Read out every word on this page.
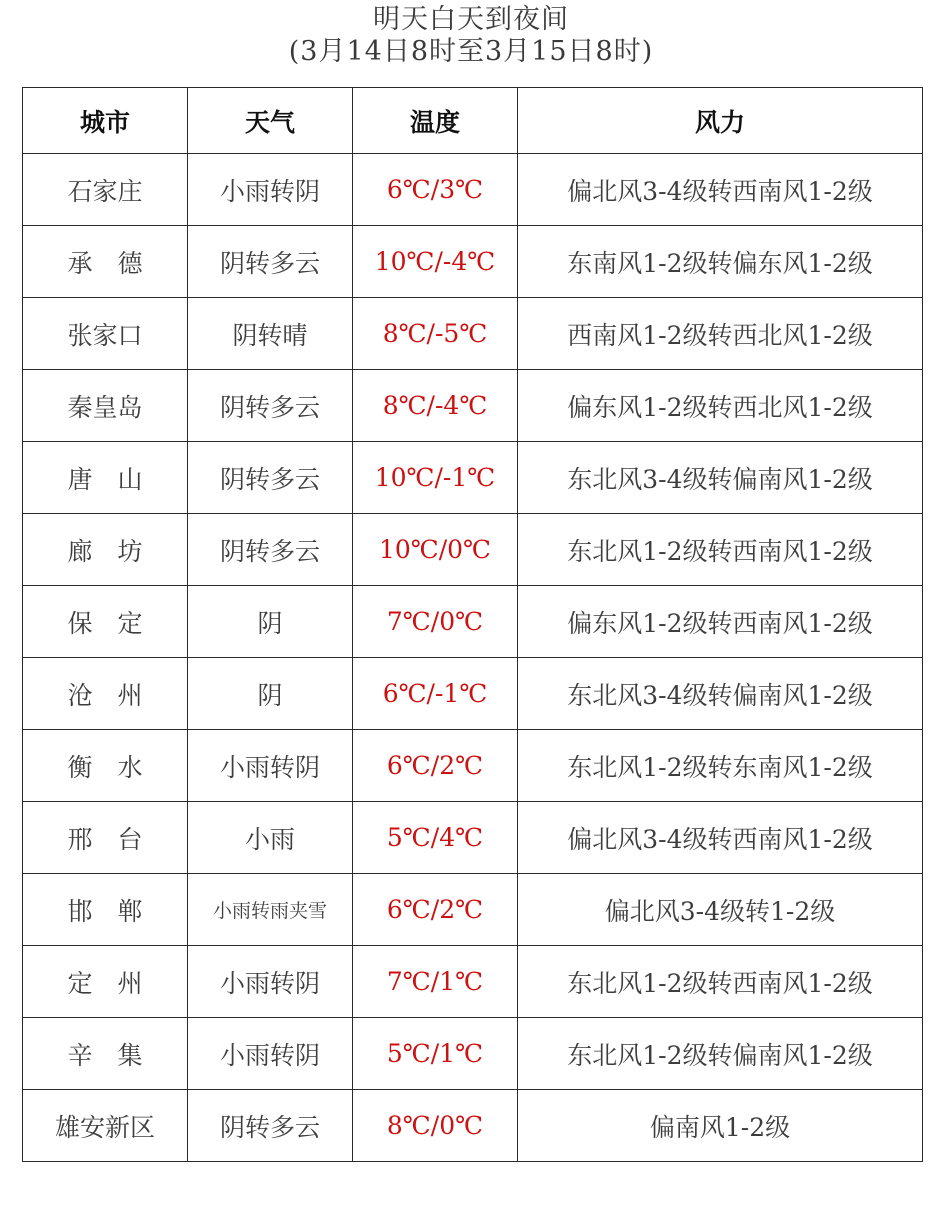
明天白天到夜间
(3月14日8时至3月15日8时)
城市	天气	温度	风力
石家庄	小雨转阴	6℃/3℃	偏北风3-4级转西南风1-2级
承　德	阴转多云	10℃/-4℃	东南风1-2级转偏东风1-2级
张家口	阴转晴	8℃/-5℃	西南风1-2级转西北风1-2级
秦皇岛	阴转多云	8℃/-4℃	偏东风1-2级转西北风1-2级
唐　山	阴转多云	10℃/-1℃	东北风3-4级转偏南风1-2级
廊　坊	阴转多云	10℃/0℃	东北风1-2级转西南风1-2级
保　定	阴	7℃/0℃	偏东风1-2级转西南风1-2级
沧　州	阴	6℃/-1℃	东北风3-4级转偏南风1-2级
衡　水	小雨转阴	6℃/2℃	东北风1-2级转东南风1-2级
邢　台	小雨	5℃/4℃	偏北风3-4级转西南风1-2级
邯　郸	小雨转雨夹雪	6℃/2℃	偏北风3-4级转1-2级
定　州	小雨转阴	7℃/1℃	东北风1-2级转西南风1-2级
辛　集	小雨转阴	5℃/1℃	东北风1-2级转偏南风1-2级
雄安新区	阴转多云	8℃/0℃	偏南风1-2级
